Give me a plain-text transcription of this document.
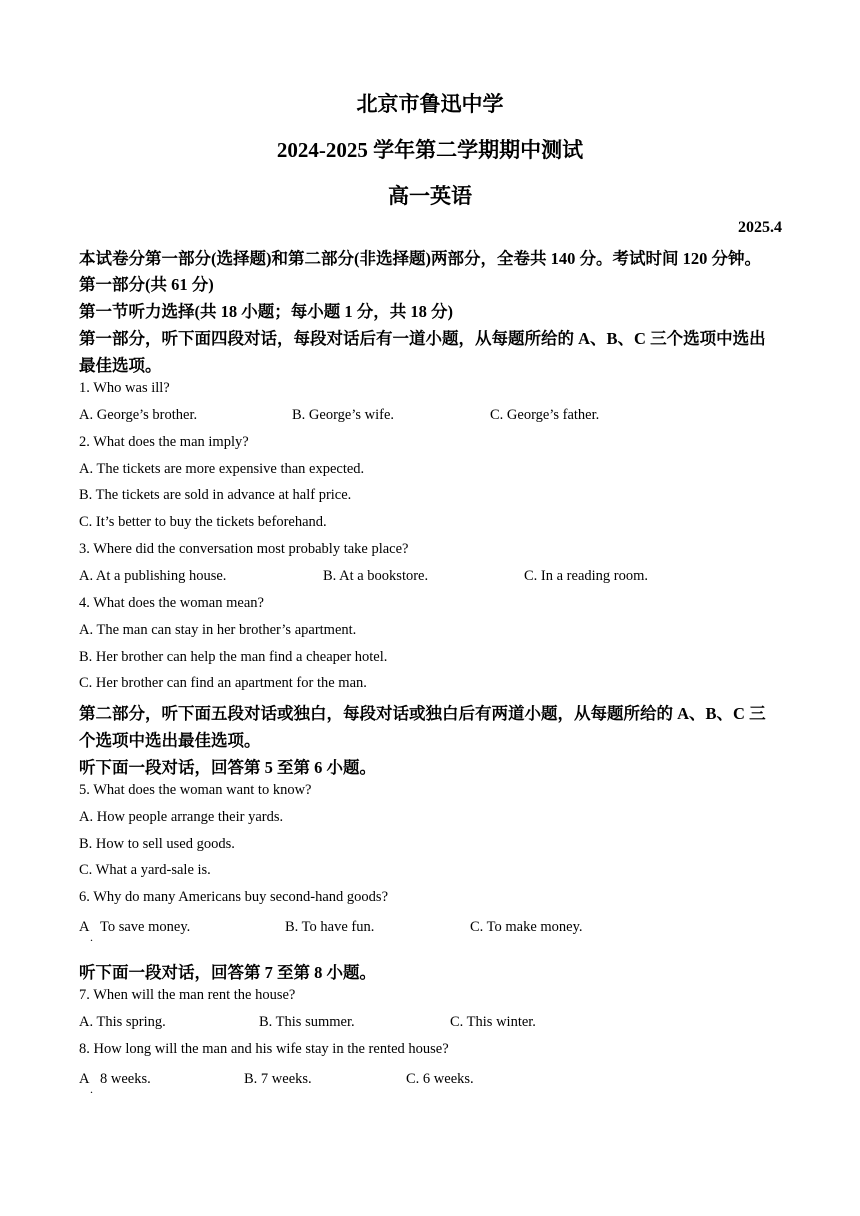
北京市鲁迅中学
2024-2025 学年第二学期期中测试
高一英语
2025.4
本试卷分第一部分(选择题)和第二部分(非选择题)两部分，全卷共 140 分。考试时间 120 分钟。
第一部分(共 61 分)
第一节听力选择(共 18 小题；每小题 1 分，共 18 分)
第一部分，听下面四段对话，每段对话后有一道小题，从每题所给的 A、B、C 三个选项中选出
最佳选项。
1. Who was ill?
A. George’s brother.	B. George’s wife.	C. George’s father.
2. What does the man imply?
A. The tickets are more expensive than expected.
B. The tickets are sold in advance at half price.
C. It’s better to buy the tickets beforehand.
3. Where did the conversation most probably take place?
A. At a publishing house.	B. At a bookstore.	C. In a reading room.
4. What does the woman mean?
A. The man can stay in her brother’s apartment.
B. Her brother can help the man find a cheaper hotel.
C. Her brother can find an apartment for the man.
第二部分，听下面五段对话或独白，每段对话或独白后有两道小题，从每题所给的 A、B、C 三
个选项中选出最佳选项。
听下面一段对话，回答第 5 至第 6 小题。
5. What does the woman want to know?
A. How people arrange their yards.
B. How to sell used goods.
C. What a yard-sale is.
6. Why do many Americans buy second-hand goods?
A
.
To save money.	B. To have fun.	C. To make money.
听下面一段对话，回答第 7 至第 8 小题。
7. When will the man rent the house?
A. This spring.	B. This summer.	C. This winter.
8. How long will the man and his wife stay in the rented house?
A
.
8 weeks.	B. 7 weeks.	C. 6 weeks.
